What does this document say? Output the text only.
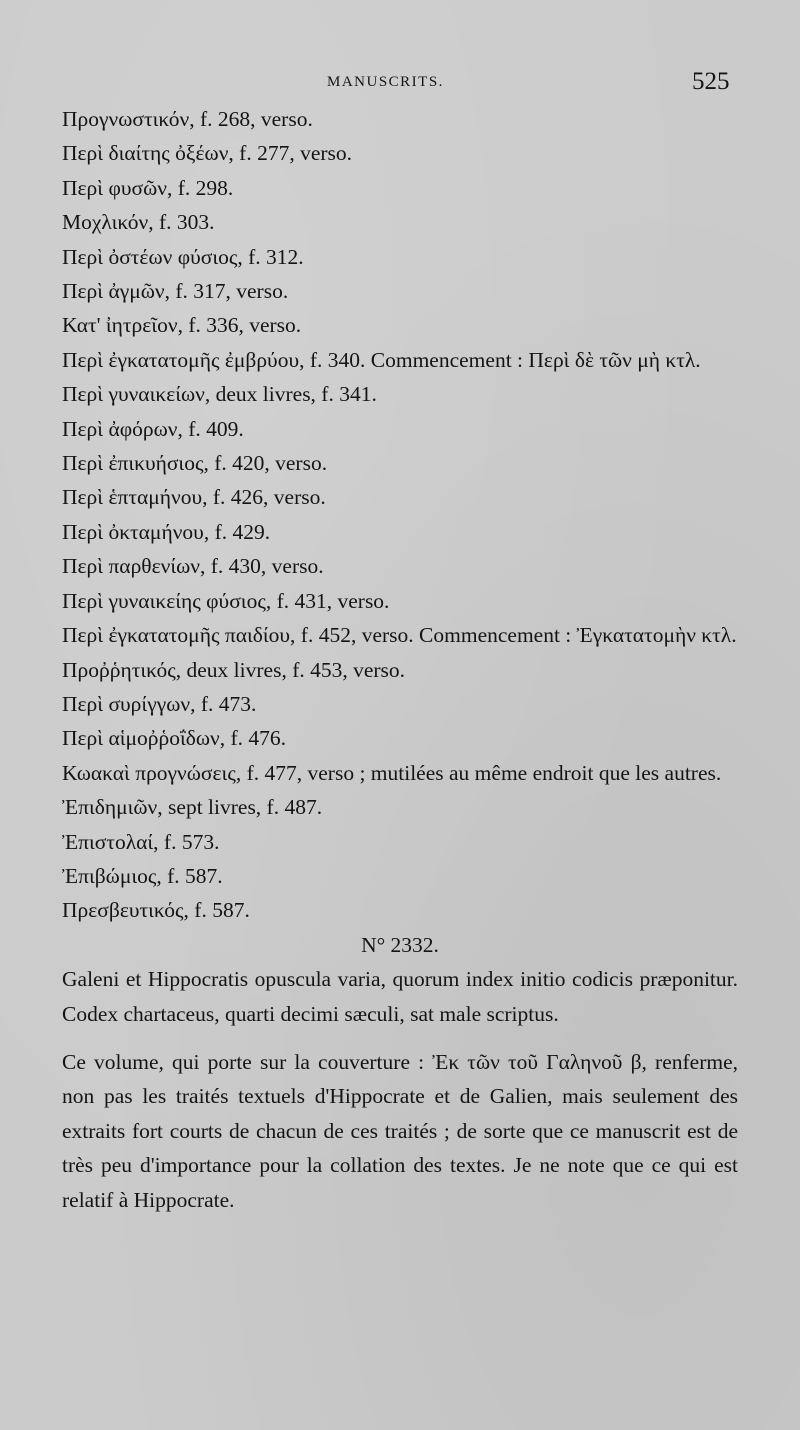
MANUSCRITS.	525

Προγνωστικόν, f. 268, verso.

Περὶ διαίτης ὀξέων, f. 277, verso.

Περὶ φυσῶν, f. 298.

Μοχλικόν, f. 303.

Περὶ ὀστέων φύσιος, f. 312.

Περὶ ἀγμῶν, f. 317, verso.

Κατ' ἰητρεῖον, f. 336, verso.

Περὶ ἐγκατατομῆς ἐμβρύου, f. 340. Commencement : Περὶ δὲ τῶν μὴ κτλ.

Περὶ γυναικείων, deux livres, f. 341.

Περὶ ἀφόρων, f. 409.

Περὶ ἐπικυήσιος, f. 420, verso.

Περὶ ἑπταμήνου, f. 426, verso.

Περὶ ὀκταμήνου, f. 429.

Περὶ παρθενίων, f. 430, verso.

Περὶ γυναικείης φύσιος, f. 431, verso.

Περὶ ἐγκατατομῆς παιδίου, f. 452, verso. Commencement : Ἐγκατατομὴν κτλ.

Προῤῥητικός, deux livres, f. 453, verso.

Περὶ συρίγγων, f. 473.

Περὶ αἱμοῤῥοΐδων, f. 476.

Κωακαὶ προγνώσεις, f. 477, verso ; mutilées au même endroit que les autres.

Ἐπιδημιῶν, sept livres, f. 487.

Ἐπιστολαί, f. 573.

Ἐπιβώμιος, f. 587.

Πρεσβευτικός, f. 587.

N° 2332.

Galeni et Hippocratis opuscula varia, quorum index initio codicis præponitur. Codex chartaceus, quarti decimi sæculi, sat male scriptus.

Ce volume, qui porte sur la couverture : Ἐκ τῶν τοῦ Γαληνοῦ β, renferme, non pas les traités textuels d'Hippocrate et de Galien, mais seulement des extraits fort courts de chacun de ces traités ; de sorte que ce manuscrit est de très peu d'importance pour la collation des textes. Je ne note que ce qui est relatif à Hippocrate.
